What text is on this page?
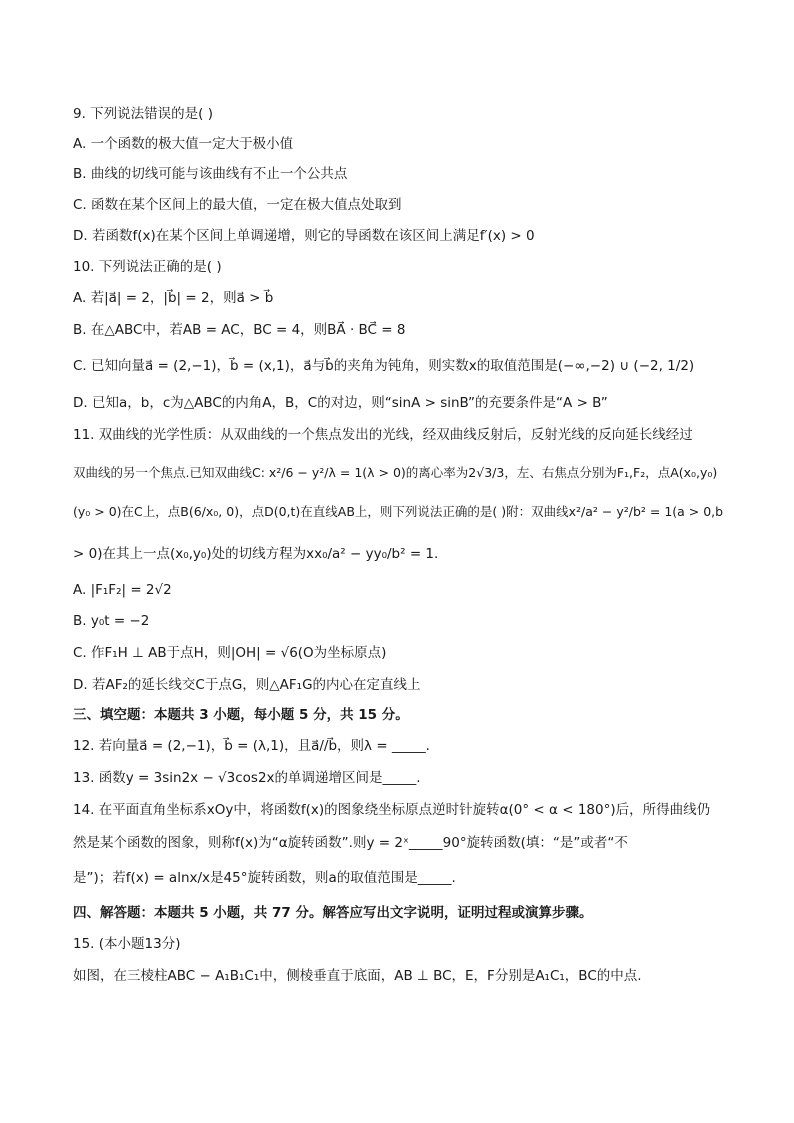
9. 下列说法错误的是( )
A. 一个函数的极大值一定大于极小值
B. 曲线的切线可能与该曲线有不止一个公共点
C. 函数在某个区间上的最大值，一定在极大值点处取到
D. 若函数f(x)在某个区间上单调递增，则它的导函数在该区间上满足f′(x) > 0
10. 下列说法正确的是( )
A. 若|a⃗| = 2，|b⃗| = 2，则a⃗ > b⃗
B. 在△ABC中，若AB = AC，BC = 4，则BA⃗ · BC⃗ = 8
C. 已知向量a⃗ = (2,−1)，b⃗ = (x,1)，a⃗与b⃗的夹角为钝角，则实数x的取值范围是(−∞,−2) ∪ (−2, 1/2)
D. 已知a，b，c为△ABC的内角A，B，C的对边，则“sinA > sinB”的充要条件是“A > B”
11. 双曲线的光学性质：从双曲线的一个焦点发出的光线，经双曲线反射后，反射光线的反向延长线经过
双曲线的另一个焦点.已知双曲线C: x²/6 − y²/λ = 1(λ > 0)的离心率为2√3/3，左、右焦点分别为F₁,F₂，点A(x₀,y₀)
(y₀ > 0)在C上，点B(6/x₀, 0)，点D(0,t)在直线AB上，则下列说法正确的是( )附：双曲线x²/a² − y²/b² = 1(a > 0,b
> 0)在其上一点(x₀,y₀)处的切线方程为xx₀/a² − yy₀/b² = 1.
A. |F₁F₂| = 2√2
B. y₀t = −2
C. 作F₁H ⊥ AB于点H，则|OH| = √6(O为坐标原点)
D. 若AF₂的延长线交C于点G，则△AF₁G的内心在定直线上
三、填空题：本题共 3 小题，每小题 5 分，共 15 分。
12. 若向量a⃗ = (2,−1)，b⃗ = (λ,1)，且a⃗//b⃗，则λ = _____.
13. 函数y = 3sin2x − √3cos2x的单调递增区间是_____.
14. 在平面直角坐标系xOy中，将函数f(x)的图象绕坐标原点逆时针旋转α(0° < α < 180°)后，所得曲线仍
然是某个函数的图象，则称f(x)为“α旋转函数”.则y = 2ˣ_____90°旋转函数(填：“是”或者“不
是”)；若f(x) = alnx/x是45°旋转函数，则a的取值范围是_____.
四、解答题：本题共 5 小题，共 77 分。解答应写出文字说明，证明过程或演算步骤。
15. (本小题13分)
如图，在三棱柱ABC − A₁B₁C₁中，侧棱垂直于底面，AB ⊥ BC，E，F分别是A₁C₁，BC的中点.
